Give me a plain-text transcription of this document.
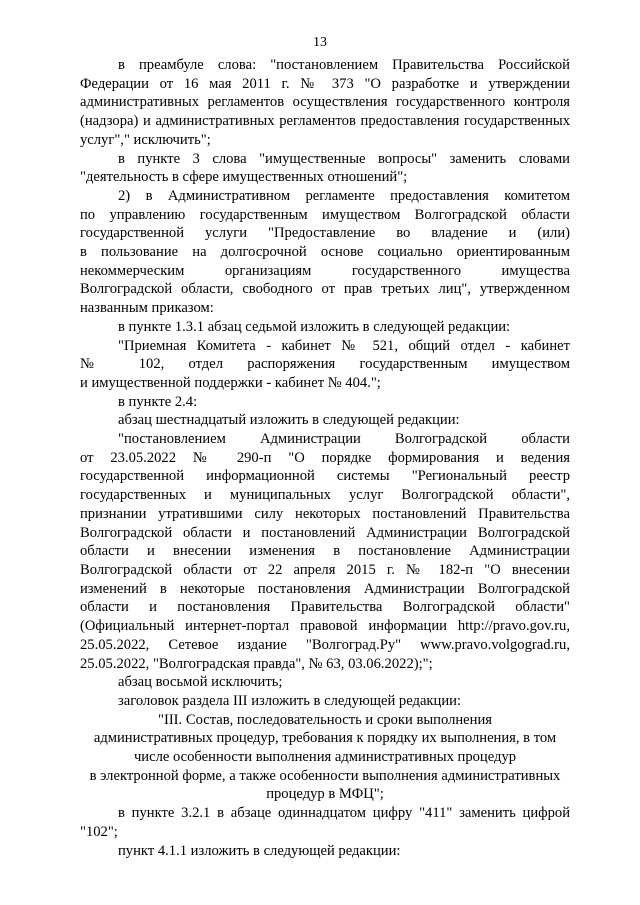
13
в преамбуле слова: "постановлением Правительства Российской
Федерации от 16 мая 2011 г. № 373 "О разработке и утверждении
административных регламентов осуществления государственного контроля
(надзора) и административных регламентов предоставления государственных
услуг"," исключить";
в пункте 3 слова "имущественные вопросы" заменить словами
"деятельность в сфере имущественных отношений";
2) в Административном регламенте предоставления комитетом
по управлению государственным имуществом Волгоградской области
государственной услуги "Предоставление во владение и (или)
в пользование на долгосрочной основе социально ориентированным
некоммерческим организациям государственного имущества
Волгоградской области, свободного от прав третьих лиц", утвержденном
названным приказом:
в пункте 1.3.1 абзац седьмой изложить в следующей редакции:
"Приемная Комитета - кабинет № 521, общий отдел - кабинет
№ 102, отдел распоряжения государственным имуществом
и имущественной поддержки - кабинет № 404.";
в пункте 2.4:
абзац шестнадцатый изложить в следующей редакции:
"постановлением Администрации Волгоградской области
от 23.05.2022 № 290-п "О порядке формирования и ведения
государственной информационной системы "Региональный реестр
государственных и муниципальных услуг Волгоградской области",
признании утратившими силу некоторых постановлений Правительства
Волгоградской области и постановлений Администрации Волгоградской
области и внесении изменения в постановление Администрации
Волгоградской области от 22 апреля 2015 г. № 182-п "О внесении
изменений в некоторые постановления Администрации Волгоградской
области и постановления Правительства Волгоградской области"
(Официальный интернет-портал правовой информации http://pravo.gov.ru,
25.05.2022, Сетевое издание "Волгоград.Ру" www.pravo.volgograd.ru,
25.05.2022, "Волгоградская правда", № 63, 03.06.2022);";
абзац восьмой исключить;
заголовок раздела III изложить в следующей редакции:
"III. Состав, последовательность и сроки выполнения
административных процедур, требования к порядку их выполнения, в том
числе особенности выполнения административных процедур
в электронной форме, а также особенности выполнения административных
процедур в МФЦ";
в пункте 3.2.1 в абзаце одиннадцатом цифру "411" заменить цифрой
"102";
пункт 4.1.1 изложить в следующей редакции:
